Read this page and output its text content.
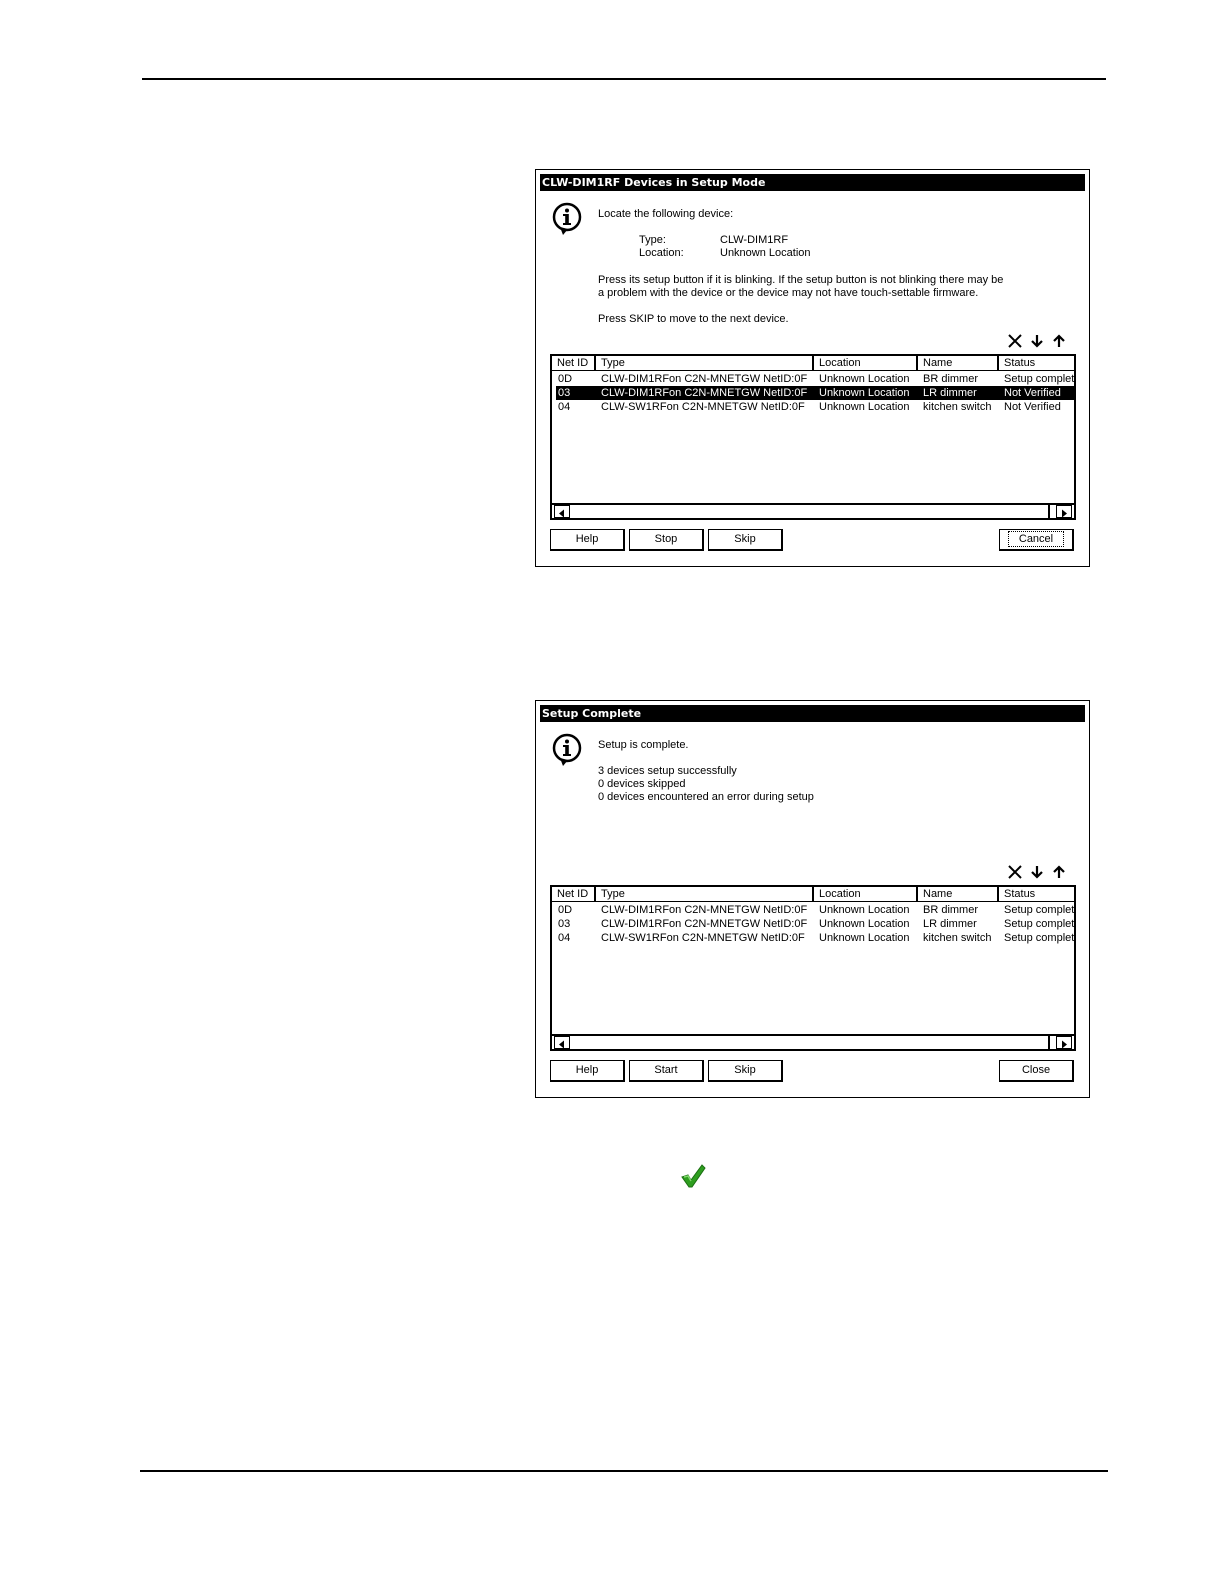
CLW-DIM1RF Devices in Setup Mode
Locate the following device:
Type:	CLW-DIM1RF
Location:	Unknown Location
Press its setup button if it is blinking. If the setup button is not blinking there may be
a problem with the device or the device may not have touch-settable firmware.
Press SKIP to move to the next device.
Net ID	Type	Location	Name	Status
0D	CLW-DIM1RFon C2N-MNETGW NetID:0F	Unknown Location	BR dimmer	Setup complet
03	CLW-DIM1RFon C2N-MNETGW NetID:0F	Unknown Location	LR dimmer	Not Verified
04	CLW-SW1RFon C2N-MNETGW NetID:0F	Unknown Location	kitchen switch	Not Verified
Help	Stop	Skip	Cancel
Setup Complete
Setup is complete.
3 devices setup successfully
0 devices skipped
0 devices encountered an error during setup
Net ID	Type	Location	Name	Status
0D	CLW-DIM1RFon C2N-MNETGW NetID:0F	Unknown Location	BR dimmer	Setup complet
03	CLW-DIM1RFon C2N-MNETGW NetID:0F	Unknown Location	LR dimmer	Setup complet
04	CLW-SW1RFon C2N-MNETGW NetID:0F	Unknown Location	kitchen switch	Setup complet
Help	Start	Skip	Close
